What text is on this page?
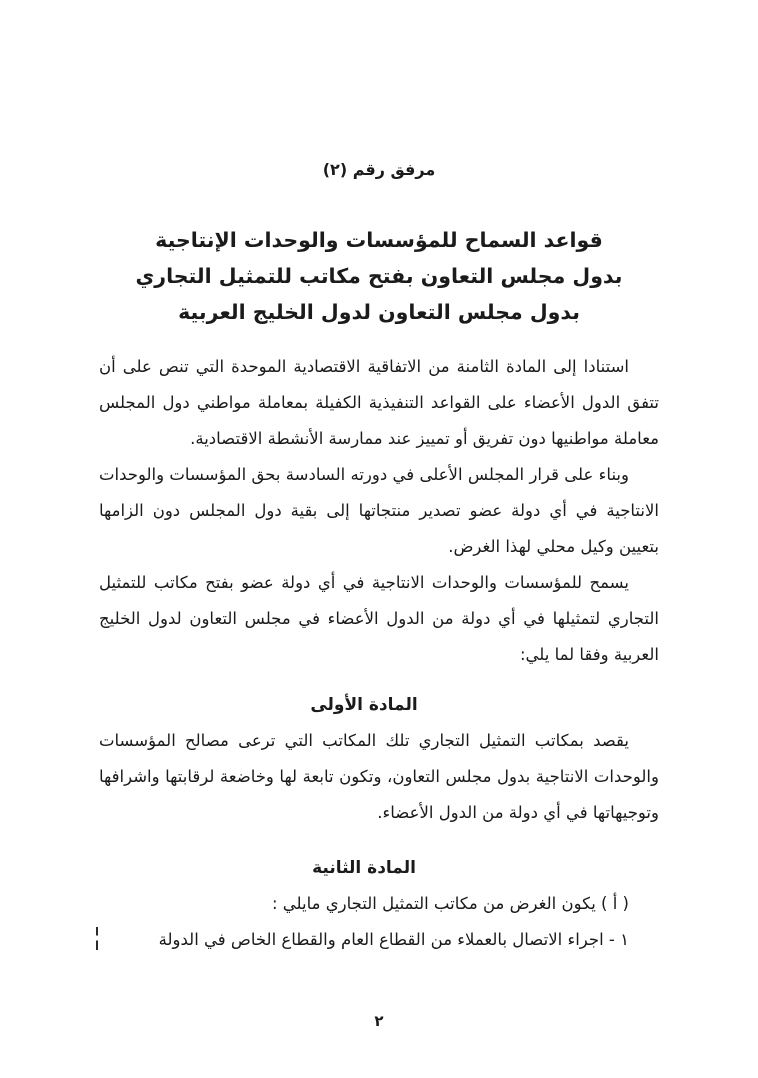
مرفق رقم (٢)
قواعد السماح للمؤسسات والوحدات الإنتاجية
بدول مجلس التعاون بفتح مكاتب للتمثيل التجاري
بدول مجلس التعاون لدول الخليج العربية

استنادا إلى المادة الثامنة من الاتفاقية الاقتصادية الموحدة التي تنص على أن تتفق الدول الأعضاء على القواعد التنفيذية الكفيلة بمعاملة مواطني دول المجلس معاملة مواطنيها دون تفريق أو تمييز عند ممارسة الأنشطة الاقتصادية.

وبناء على قرار المجلس الأعلى في دورته السادسة بحق المؤسسات والوحدات الانتاجية في أي دولة عضو تصدير منتجاتها إلى بقية دول المجلس دون الزامها بتعيين وكيل محلي لهذا الغرض.

يسمح للمؤسسات والوحدات الانتاجية في أي دولة عضو بفتح مكاتب للتمثيل التجاري لتمثيلها في أي دولة من الدول الأعضاء في مجلس التعاون لدول الخليج العربية وفقا لما يلي:

المادة الأولى

يقصد بمكاتب التمثيل التجاري تلك المكاتب التي ترعى مصالح المؤسسات والوحدات الانتاجية بدول مجلس التعاون، وتكون تابعة لها وخاضعة لرقابتها واشرافها وتوجيهاتها في أي دولة من الدول الأعضاء.

المادة الثانية

( أ ) يكون الغرض من مكاتب التمثيل التجاري مايلي :

١ - اجراء الاتصال بالعملاء من القطاع العام والقطاع الخاص في الدولة

٢
